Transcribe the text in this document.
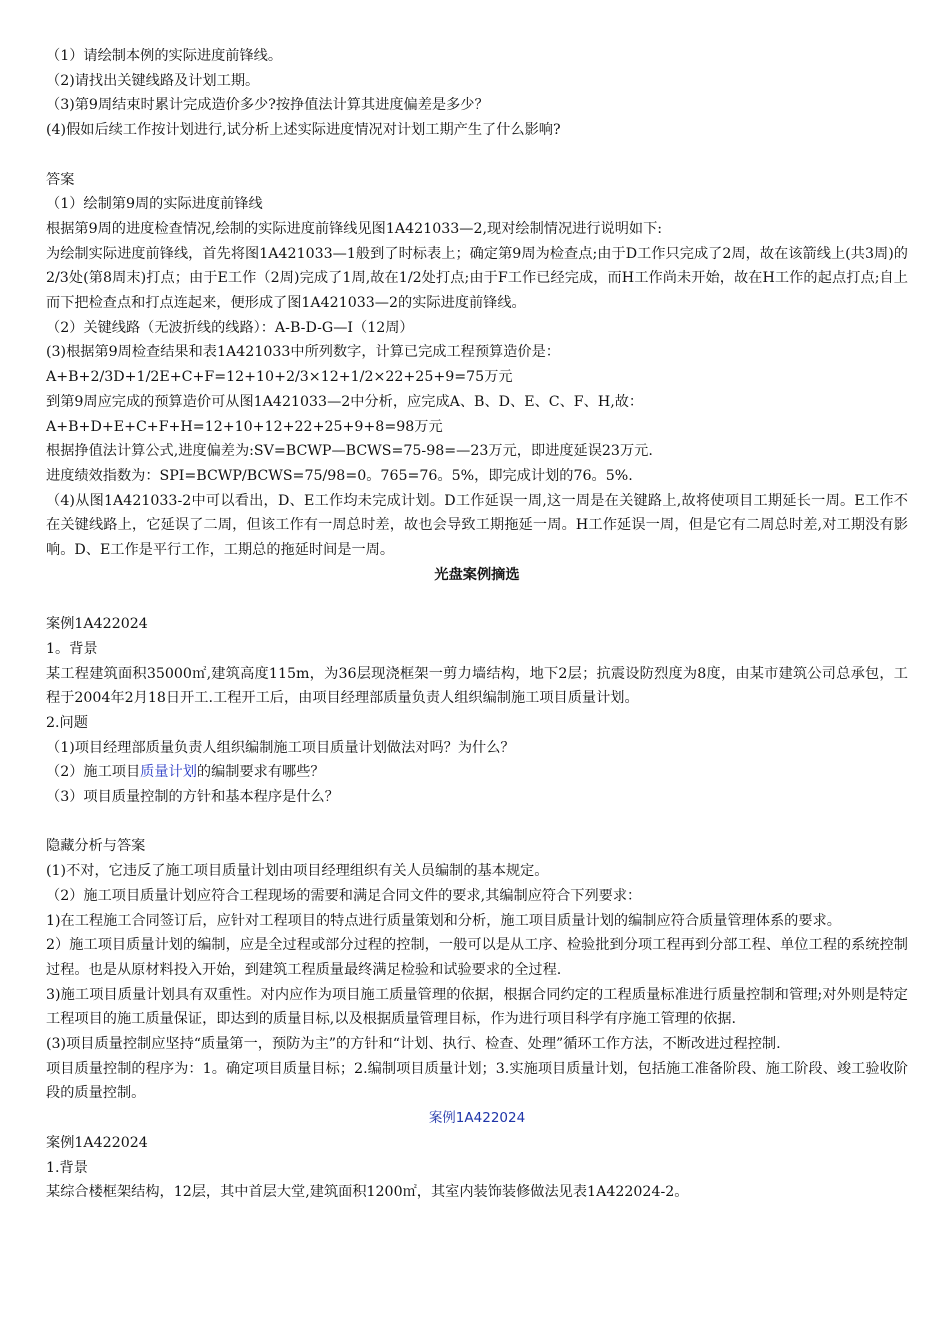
（1）请绘制本例的实际进度前锋线。

（2)请找出关键线路及计划工期。

（3)第9周结束时累计完成造价多少?按挣值法计算其进度偏差是多少？

(4)假如后续工作按计划进行,试分析上述实际进度情况对计划工期产生了什么影响?

答案

（1）绘制第9周的实际进度前锋线

根据第9周的进度检查情况,绘制的实际进度前锋线见图1A421033—2,现对绘制情况进行说明如下:

为绘制实际进度前锋线，首先将图1A421033—1般到了时标表上；确定第9周为检查点;由于D工作只完成了2周，故在该箭线上(共3周)的2/3处(第8周末)打点；由于E工作（2周)完成了1周,故在1/2处打点;由于F工作已经完成，而H工作尚未开始，故在H工作的起点打点;自上而下把检查点和打点连起来，便形成了图1A421033—2的实际进度前锋线。

（2）关键线路（无波折线的线路）：A-B-D-G—I（12周）

(3)根据第9周检查结果和表1A421033中所列数字，计算已完成工程预算造价是：

A+B+2/3D+1/2E+C+F=12+10+2/3×12+1/2×22+25+9=75万元

到第9周应完成的预算造价可从图1A421033—2中分析，应完成A、B、D、E、C、F、H,故：

A+B+D+E+C+F+H=12+10+12+22+25+9+8=98万元

根据挣值法计算公式,进度偏差为:SV=BCWP—BCWS=75-98=—23万元，即进度延误23万元.

进度绩效指数为：SPI=BCWP/BCWS=75/98=0。765=76。5%，即完成计划的76。5%.

（4)从图1A421033-2中可以看出，D、E工作均未完成计划。D工作延误一周,这一周是在关键路上,故将使项目工期延长一周。E工作不在关键线路上，它延误了二周，但该工作有一周总时差，故也会导致工期拖延一周。H工作延误一周，但是它有二周总时差,对工期没有影响。D、E工作是平行工作，工期总的拖延时间是一周。

光盘案例摘选

案例1A422024

1。背景

某工程建筑面积35000㎡,建筑高度115m，为36层现浇框架一剪力墙结构，地下2层；抗震设防烈度为8度，由某市建筑公司总承包，工程于2004年2月18日开工.工程开工后，由项目经理部质量负责人组织编制施工项目质量计划。

2.问题

（1)项目经理部质量负责人组织编制施工项目质量计划做法对吗？为什么？

（2）施工项目质量计划的编制要求有哪些？

（3）项目质量控制的方针和基本程序是什么？

隐藏分析与答案

(1)不对，它违反了施工项目质量计划由项目经理组织有关人员编制的基本规定。

（2）施工项目质量计划应符合工程现场的需要和满足合同文件的要求,其编制应符合下列要求：

1)在工程施工合同签订后，应针对工程项目的特点进行质量策划和分析，施工项目质量计划的编制应符合质量管理体系的要求。

2）施工项目质量计划的编制，应是全过程或部分过程的控制，一般可以是从工序、检验批到分项工程再到分部工程、单位工程的系统控制过程。也是从原材料投入开始，到建筑工程质量最终满足检验和试验要求的全过程.

3)施工项目质量计划具有双重性。对内应作为项目施工质量管理的依据，根据合同约定的工程质量标准进行质量控制和管理;对外则是特定工程项目的施工质量保证，即达到的质量目标,以及根据质量管理目标，作为进行项目科学有序施工管理的依据.

(3)项目质量控制应坚持“质量第一，预防为主”的方针和“计划、执行、检查、处理”循环工作方法，不断改进过程控制.

项目质量控制的程序为：1。确定项目质量目标；2.编制项目质量计划；3.实施项目质量计划，包括施工准备阶段、施工阶段、竣工验收阶段的质量控制。

案例1A422024

案例1A422024

1.背景

某综合楼框架结构，12层，其中首层大堂,建筑面积1200㎡，其室内装饰装修做法见表1A422024-2。
